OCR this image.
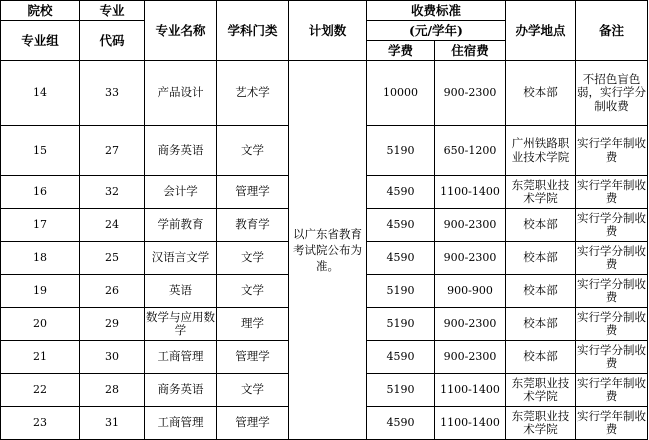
院校	专业	专业名称	学科门类	计划数	收费标准		办学地点	备注
专业组	代码				(元/学年)			
					学费	住宿费		
14	33	产品设计	艺术学	以广东省教育考试院公布为准。	10000	900-2300	校本部	不招色盲色弱，实行学分制收费
15	27	商务英语	文学		5190	650-1200	广州铁路职业技术学院	实行学年制收费
16	32	会计学	管理学		4590	1100-1400	东莞职业技术学院	实行学年制收费
17	24	学前教育	教育学		4590	900-2300	校本部	实行学分制收费
18	25	汉语言文学	文学		4590	900-2300	校本部	实行学分制收费
19	26	英语	文学		5190	900-900	校本部	实行学分制收费
20	29	数学与应用数学	理学		5190	900-2300	校本部	实行学分制收费
21	30	工商管理	管理学		4590	900-2300	校本部	实行学分制收费
22	28	商务英语	文学		5190	1100-1400	东莞职业技术学院	实行学年制收费
23	31	工商管理	管理学		4590	1100-1400	东莞职业技术学院	实行学年制收费
